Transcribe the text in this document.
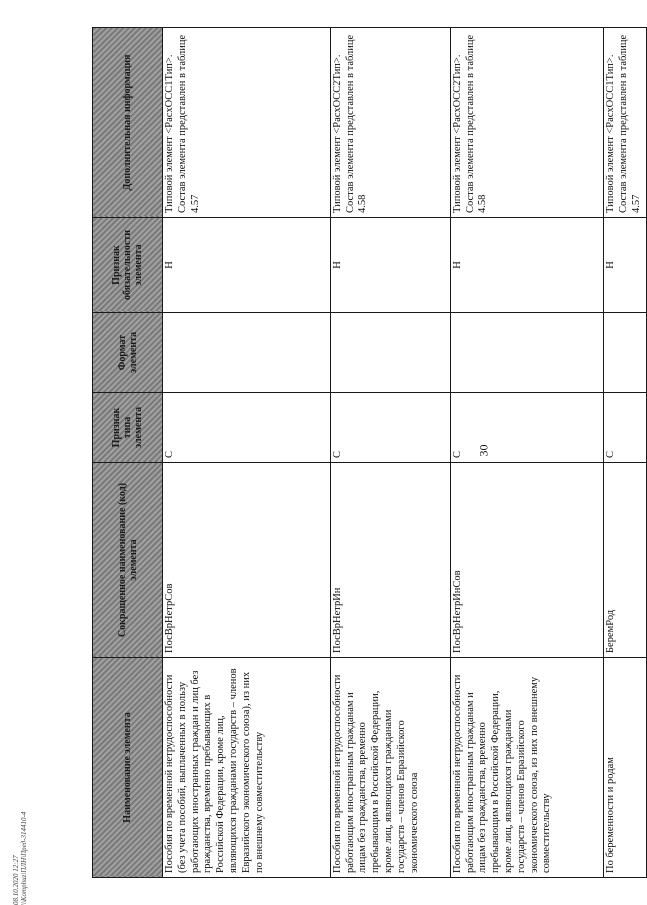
30
Наименование элемента	Сокращенное наименование (код) элемента	Признак типа элемента	Формат элемента	Признак обязательности элемента	Дополнительная информация
Пособия по временной нетрудоспособности (без учета пособий, выплаченных в пользу работающих иностранных граждан и лиц без гражданства, временно пребывающих в Российской Федерации, кроме лиц, являющихся гражданами государств – членов Евразийского экономического союза), из них по внешнему совместительству	ПосВрНетрСов	С		Н	Типовой элемент <РасхОСС1Тип>. Состав элемента представлен в таблице 4.57
Пособия по временной нетрудоспособности работающим иностранным гражданам и лицам без гражданства, временно пребывающим в Российской Федерации, кроме лиц, являющихся гражданами государств – членов Евразийского экономического союза	ПосВрНетрИн	С		Н	Типовой элемент <РасхОСС2Тип>. Состав элемента представлен в таблице 4.58
Пособия по временной нетрудоспособности работающим иностранным гражданам и лицам без гражданства, временно пребывающим в Российской Федерации, кроме лиц, являющихся гражданами государств – членов Евразийского экономического союза, из них по внешнему совместительству	ПосВрНетрИнСов	С		Н	Типовой элемент <РасхОСС2Тип>. Состав элемента представлен в таблице 4.58
По беременности и родам	БеремРод	С		Н	Типовой элемент <РасхОСС1Тип>. Состав элемента представлен в таблице 4.57
08.10.2020 12:27 \\Komphuz\ПЛН\Пред-314410-4
